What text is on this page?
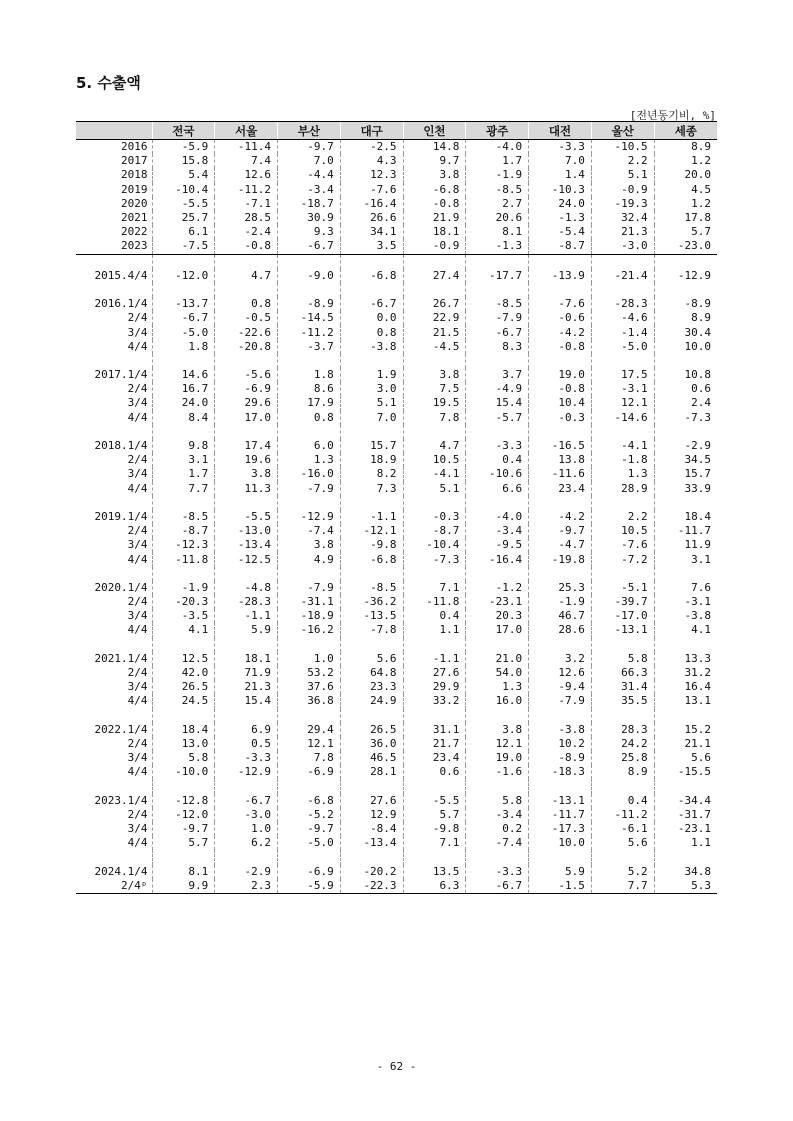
5. 수출액
[전년동기비, %]
	전국	서울	부산	대구	인천	광주	대전	울산	세종
2016	-5.9	-11.4	-9.7	-2.5	14.8	-4.0	-3.3	-10.5	8.9
2017	15.8	7.4	7.0	4.3	9.7	1.7	7.0	2.2	1.2
2018	5.4	12.6	-4.4	12.3	3.8	-1.9	1.4	5.1	20.0
2019	-10.4	-11.2	-3.4	-7.6	-6.8	-8.5	-10.3	-0.9	4.5
2020	-5.5	-7.1	-18.7	-16.4	-0.8	2.7	24.0	-19.3	1.2
2021	25.7	28.5	30.9	26.6	21.9	20.6	-1.3	32.4	17.8
2022	6.1	-2.4	9.3	34.1	18.1	8.1	-5.4	21.3	5.7
2023	-7.5	-0.8	-6.7	3.5	-0.9	-1.3	-8.7	-3.0	-23.0

2015.4/4	-12.0	4.7	-9.0	-6.8	27.4	-17.7	-13.9	-21.4	-12.9

2016.1/4	-13.7	0.8	-8.9	-6.7	26.7	-8.5	-7.6	-28.3	-8.9
2/4	-6.7	-0.5	-14.5	0.0	22.9	-7.9	-0.6	-4.6	8.9
3/4	-5.0	-22.6	-11.2	0.8	21.5	-6.7	-4.2	-1.4	30.4
4/4	1.8	-20.8	-3.7	-3.8	-4.5	8.3	-0.8	-5.0	10.0

2017.1/4	14.6	-5.6	1.8	1.9	3.8	3.7	19.0	17.5	10.8
2/4	16.7	-6.9	8.6	3.0	7.5	-4.9	-0.8	-3.1	0.6
3/4	24.0	29.6	17.9	5.1	19.5	15.4	10.4	12.1	2.4
4/4	8.4	17.0	0.8	7.0	7.8	-5.7	-0.3	-14.6	-7.3

2018.1/4	9.8	17.4	6.0	15.7	4.7	-3.3	-16.5	-4.1	-2.9
2/4	3.1	19.6	1.3	18.9	10.5	0.4	13.8	-1.8	34.5
3/4	1.7	3.8	-16.0	8.2	-4.1	-10.6	-11.6	1.3	15.7
4/4	7.7	11.3	-7.9	7.3	5.1	6.6	23.4	28.9	33.9

2019.1/4	-8.5	-5.5	-12.9	-1.1	-0.3	-4.0	-4.2	2.2	18.4
2/4	-8.7	-13.0	-7.4	-12.1	-8.7	-3.4	-9.7	10.5	-11.7
3/4	-12.3	-13.4	3.8	-9.8	-10.4	-9.5	-4.7	-7.6	11.9
4/4	-11.8	-12.5	4.9	-6.8	-7.3	-16.4	-19.8	-7.2	3.1

2020.1/4	-1.9	-4.8	-7.9	-8.5	7.1	-1.2	25.3	-5.1	7.6
2/4	-20.3	-28.3	-31.1	-36.2	-11.8	-23.1	-1.9	-39.7	-3.1
3/4	-3.5	-1.1	-18.9	-13.5	0.4	20.3	46.7	-17.0	-3.8
4/4	4.1	5.9	-16.2	-7.8	1.1	17.0	28.6	-13.1	4.1

2021.1/4	12.5	18.1	1.0	5.6	-1.1	21.0	3.2	5.8	13.3
2/4	42.0	71.9	53.2	64.8	27.6	54.0	12.6	66.3	31.2
3/4	26.5	21.3	37.6	23.3	29.9	1.3	-9.4	31.4	16.4
4/4	24.5	15.4	36.8	24.9	33.2	16.0	-7.9	35.5	13.1

2022.1/4	18.4	6.9	29.4	26.5	31.1	3.8	-3.8	28.3	15.2
2/4	13.0	0.5	12.1	36.0	21.7	12.1	10.2	24.2	21.1
3/4	5.8	-3.3	7.8	46.5	23.4	19.0	-8.9	25.8	5.6
4/4	-10.0	-12.9	-6.9	28.1	0.6	-1.6	-18.3	8.9	-15.5

2023.1/4	-12.8	-6.7	-6.8	27.6	-5.5	5.8	-13.1	0.4	-34.4
2/4	-12.0	-3.0	-5.2	12.9	5.7	-3.4	-11.7	-11.2	-31.7
3/4	-9.7	1.0	-9.7	-8.4	-9.8	0.2	-17.3	-6.1	-23.1
4/4	5.7	6.2	-5.0	-13.4	7.1	-7.4	10.0	5.6	1.1

2024.1/4	8.1	-2.9	-6.9	-20.2	13.5	-3.3	5.9	5.2	34.8
2/4ᵖ	9.9	2.3	-5.9	-22.3	6.3	-6.7	-1.5	7.7	5.3
- 62 -
